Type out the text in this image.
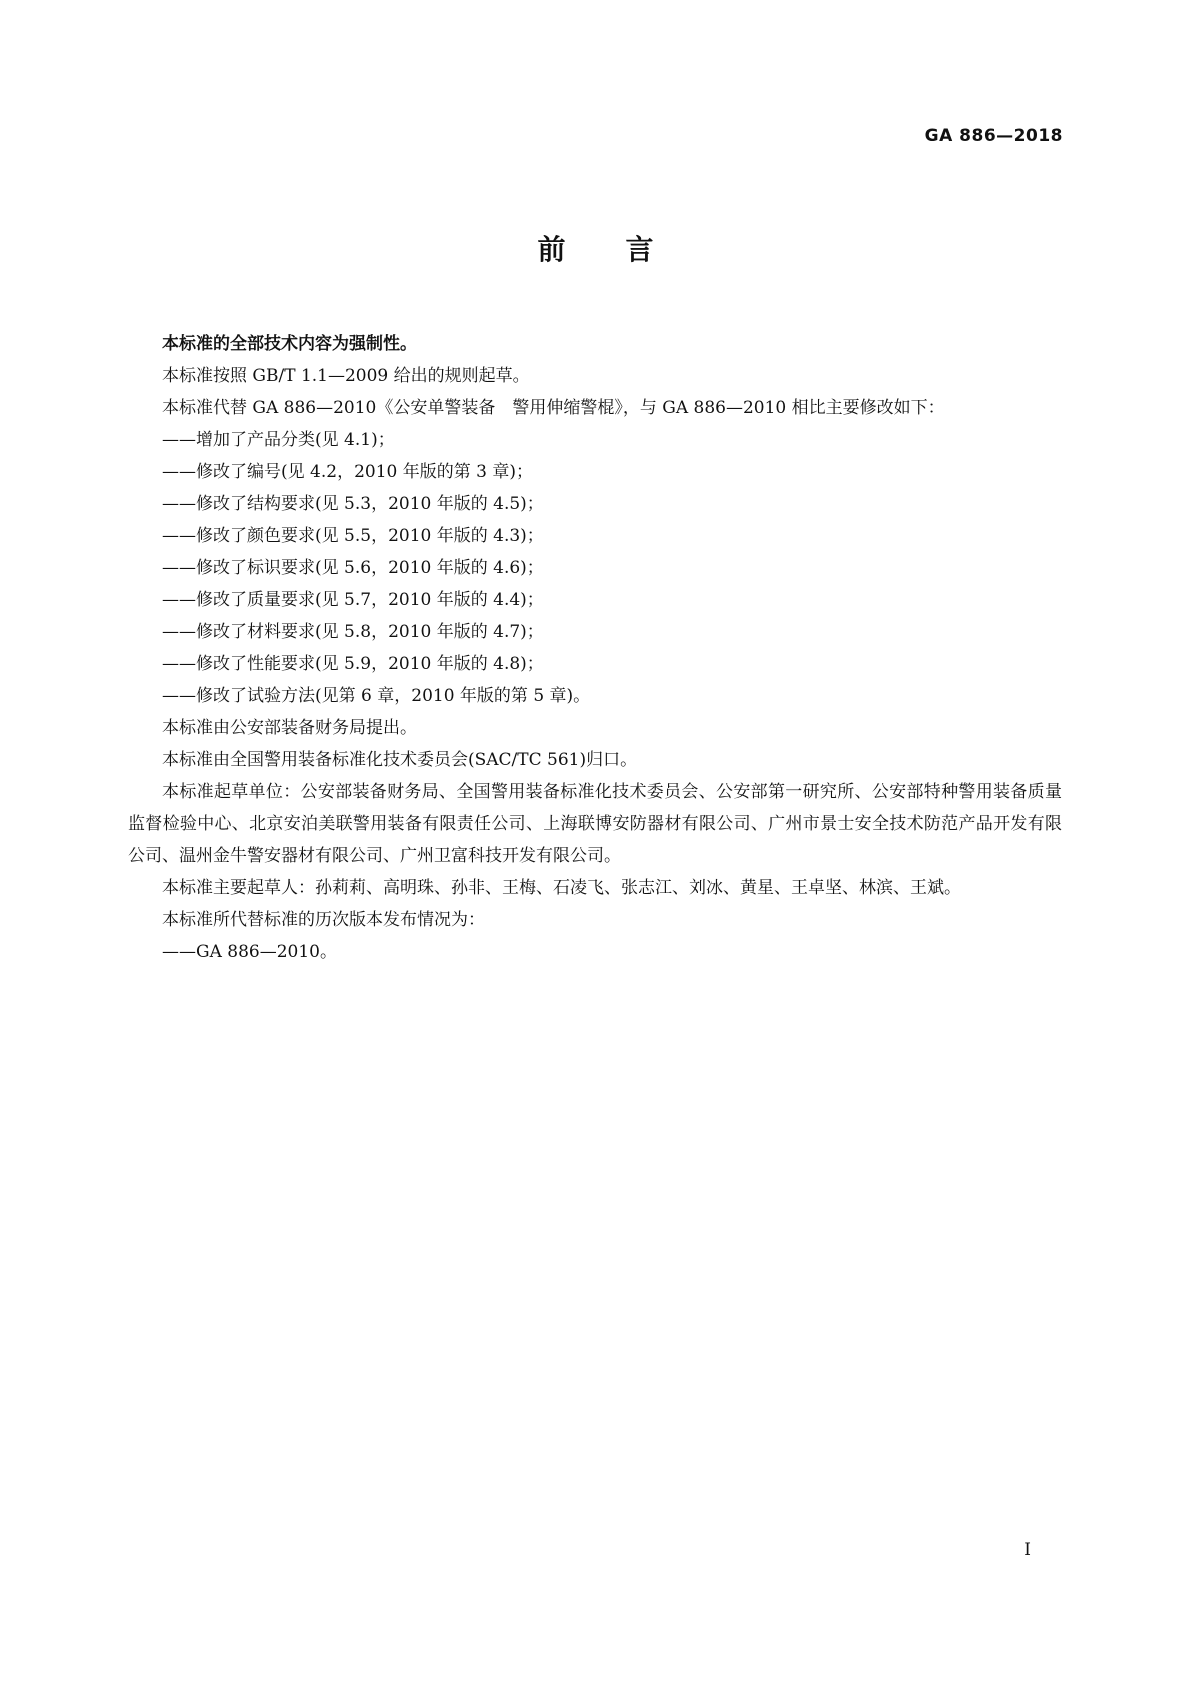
GA 886—2018
前言

本标准的全部技术内容为强制性。

本标准按照 GB/T 1.1—2009 给出的规则起草。

本标准代替 GA 886—2010《公安单警装备　警用伸缩警棍》，与 GA 886—2010 相比主要修改如下：

——增加了产品分类(见 4.1)；

——修改了编号(见 4.2，2010 年版的第 3 章)；

——修改了结构要求(见 5.3，2010 年版的 4.5)；

——修改了颜色要求(见 5.5，2010 年版的 4.3)；

——修改了标识要求(见 5.6，2010 年版的 4.6)；

——修改了质量要求(见 5.7，2010 年版的 4.4)；

——修改了材料要求(见 5.8，2010 年版的 4.7)；

——修改了性能要求(见 5.9，2010 年版的 4.8)；

——修改了试验方法(见第 6 章，2010 年版的第 5 章)。

本标准由公安部装备财务局提出。

本标准由全国警用装备标准化技术委员会(SAC/TC 561)归口。

本标准起草单位：公安部装备财务局、全国警用装备标准化技术委员会、公安部第一研究所、公安部特种警用装备质量监督检验中心、北京安泊美联警用装备有限责任公司、上海联博安防器材有限公司、广州市景士安全技术防范产品开发有限公司、温州金牛警安器材有限公司、广州卫富科技开发有限公司。

本标准主要起草人：孙莉莉、高明珠、孙非、王梅、石凌飞、张志江、刘冰、黄星、王卓坚、林滨、王斌。

本标准所代替标准的历次版本发布情况为：

——GA 886—2010。

I
